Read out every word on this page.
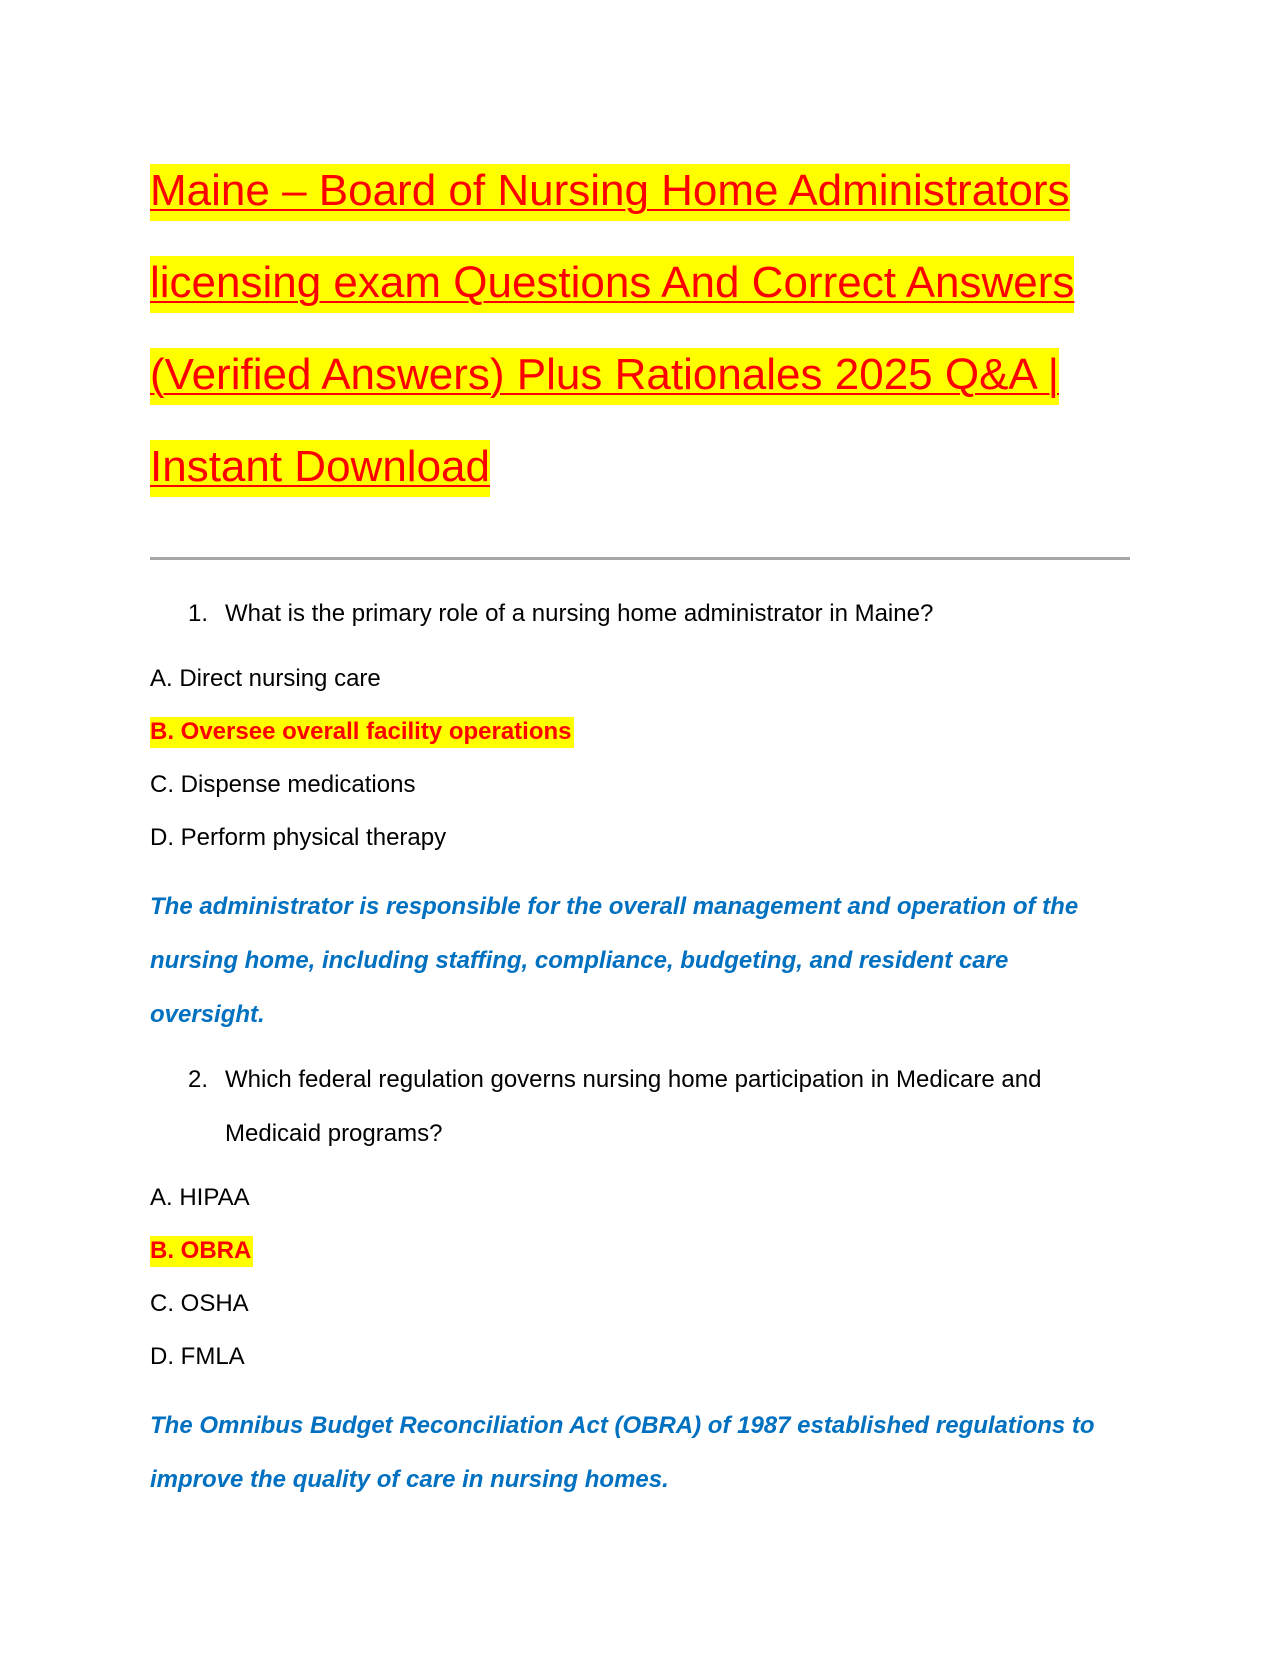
Maine – Board of Nursing Home Administrators
licensing exam Questions And Correct Answers
(Verified Answers) Plus Rationales 2025 Q&A |
Instant Download

1. What is the primary role of a nursing home administrator in Maine?

A. Direct nursing care
B. Oversee overall facility operations
C. Dispense medications
D. Perform physical therapy

The administrator is responsible for the overall management and operation of the nursing home, including staffing, compliance, budgeting, and resident care oversight.

2. Which federal regulation governs nursing home participation in Medicare and Medicaid programs?

A. HIPAA
B. OBRA
C. OSHA
D. FMLA

The Omnibus Budget Reconciliation Act (OBRA) of 1987 established regulations to improve the quality of care in nursing homes.
